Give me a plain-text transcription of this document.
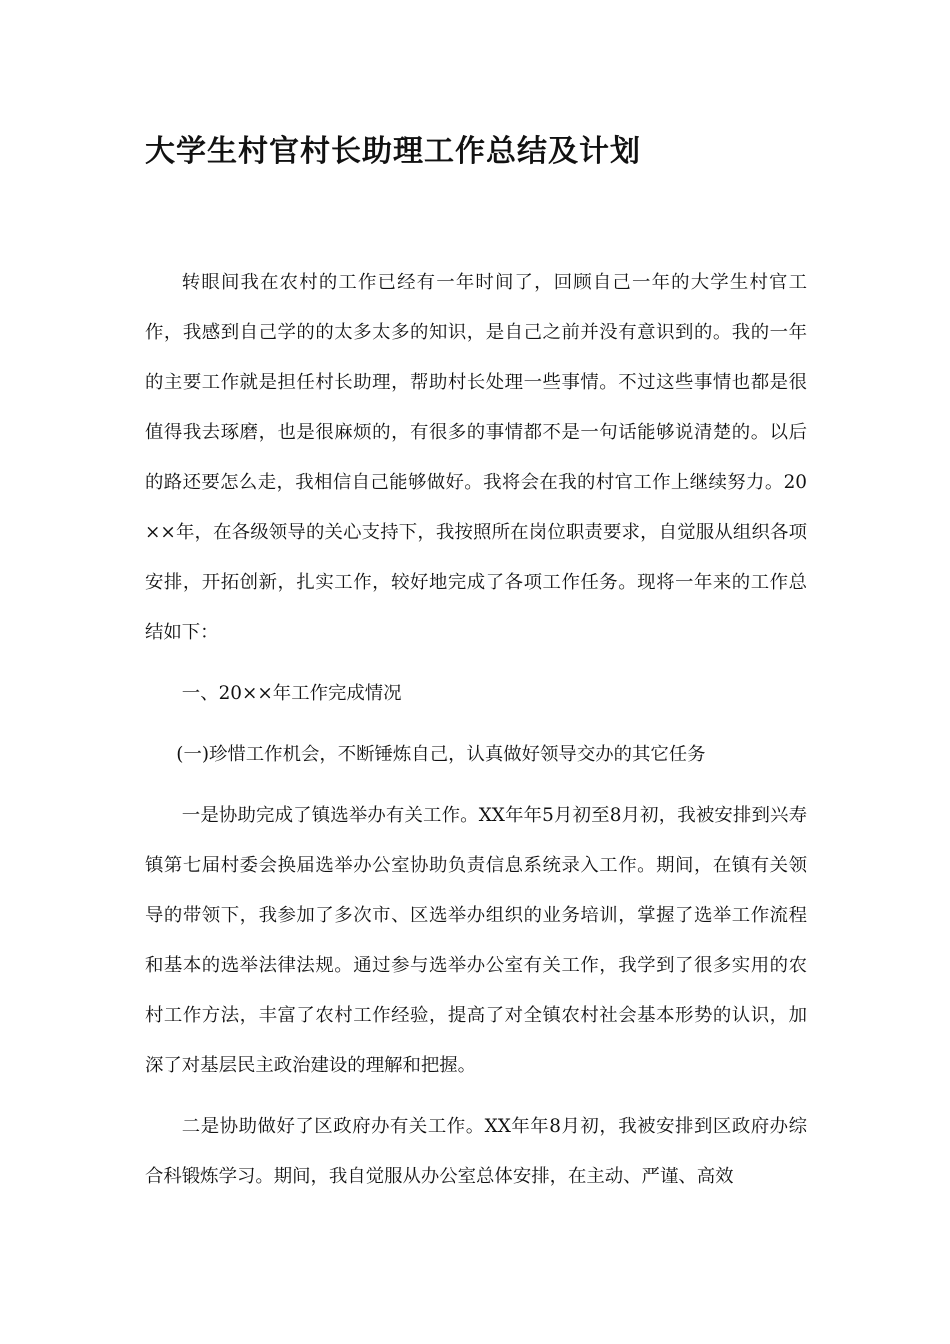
大学生村官村长助理工作总结及计划

转眼间我在农村的工作已经有一年时间了，回顾自己一年的大学生村官工作，我感到自己学的的太多太多的知识，是自己之前并没有意识到的。我的一年的主要工作就是担任村长助理，帮助村长处理一些事情。不过这些事情也都是很值得我去琢磨，也是很麻烦的，有很多的事情都不是一句话能够说清楚的。以后的路还要怎么走，我相信自己能够做好。我将会在我的村官工作上继续努力。20××年，在各级领导的关心支持下，我按照所在岗位职责要求，自觉服从组织各项安排，开拓创新，扎实工作，较好地完成了各项工作任务。现将一年来的工作总结如下：

一、20××年工作完成情况

(一)珍惜工作机会，不断锤炼自己，认真做好领导交办的其它任务

一是协助完成了镇选举办有关工作。XX年年5月初至8月初，我被安排到兴寿镇第七届村委会换届选举办公室协助负责信息系统录入工作。期间，在镇有关领导的带领下，我参加了多次市、区选举办组织的业务培训，掌握了选举工作流程和基本的选举法律法规。通过参与选举办公室有关工作，我学到了很多实用的农村工作方法，丰富了农村工作经验，提高了对全镇农村社会基本形势的认识，加深了对基层民主政治建设的理解和把握。

二是协助做好了区政府办有关工作。XX年年8月初，我被安排到区政府办综合科锻炼学习。期间，我自觉服从办公室总体安排，在主动、严谨、高效
